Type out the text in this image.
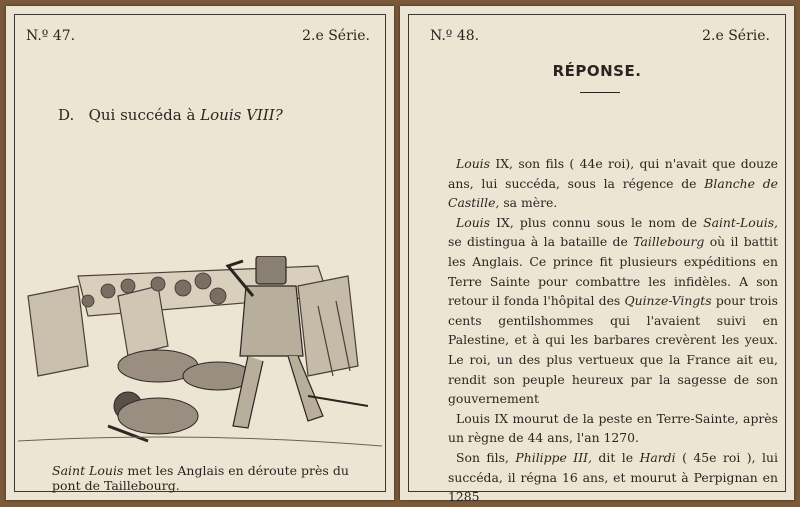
N.º 47.	2.e Série.
D. Qui succéda à Louis VIII?
Saint Louis met les Anglais en déroute près du pont de Taillebourg.
N.º 48.	2.e Série.
RÉPONSE.

Louis IX, son fils ( 44e roi), qui n'avait que douze ans, lui succéda, sous la régence de Blanche de Castille, sa mère.

Louis IX, plus connu sous le nom de Saint-Louis, se distingua à la bataille de Taillebourg où il battit les Anglais. Ce prince fit plusieurs expéditions en Terre Sainte pour combattre les infidèles. A son retour il fonda l'hôpital des Quinze-Vingts pour trois cents gentilshommes qui l'avaient suivi en Palestine, et à qui les barbares crevèrent les yeux. Le roi, un des plus vertueux que la France ait eu, rendit son peuple heureux par la sagesse de son gouvernement

Louis IX mourut de la peste en Terre-Sainte, après un règne de 44 ans, l'an 1270.

Son fils, Philippe III, dit le Hardi ( 45e roi ), lui succéda, il régna 16 ans, et mourut à Perpignan en 1285
